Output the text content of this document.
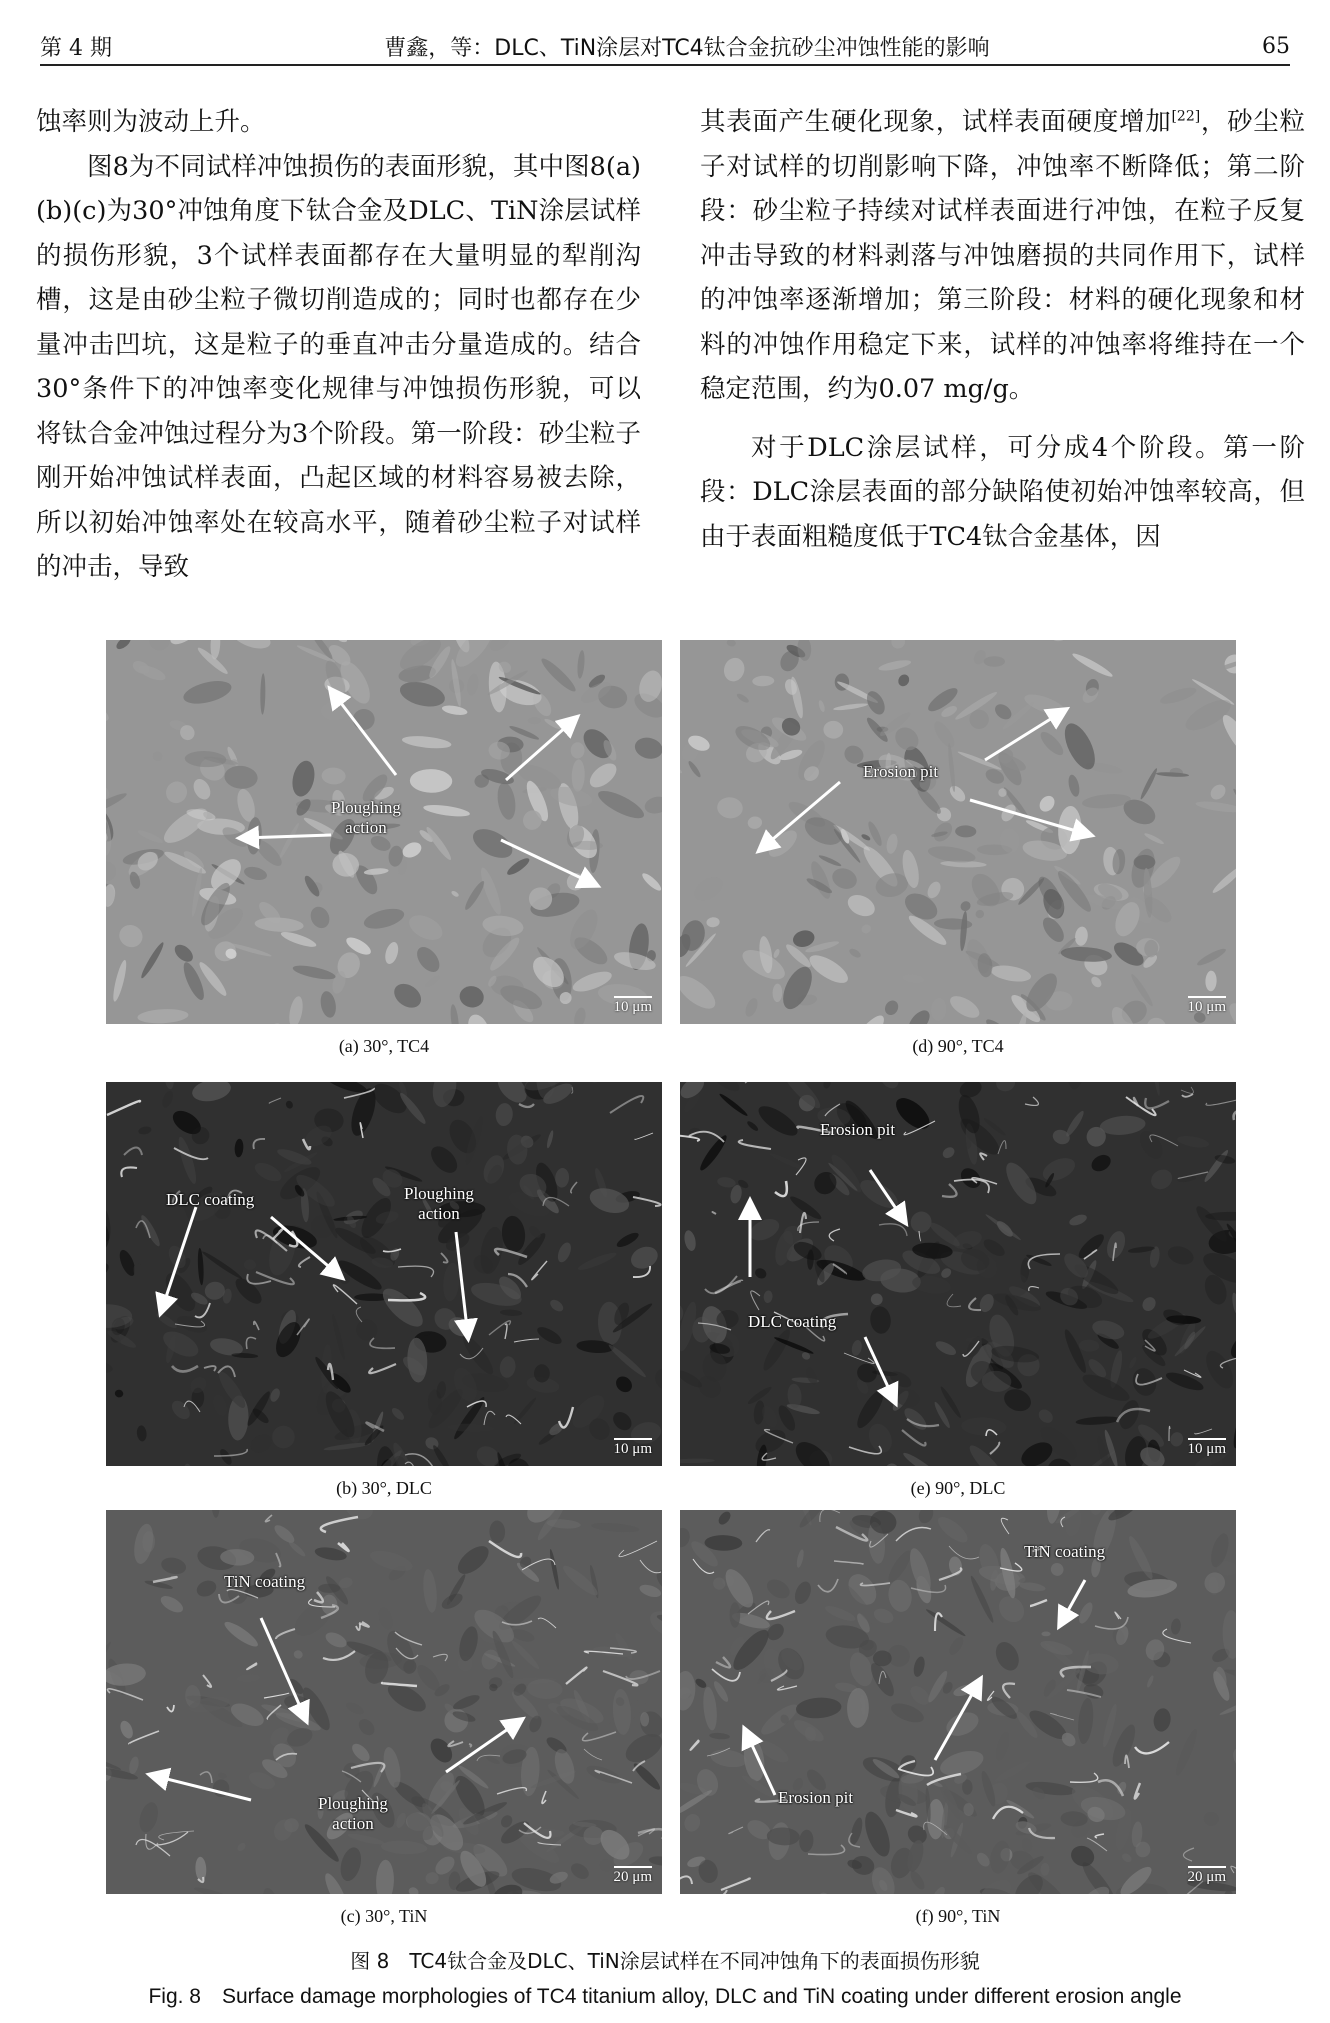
第 4 期	曹鑫，等：DLC、TiN涂层对TC4钛合金抗砂尘冲蚀性能的影响	65

蚀率则为波动上升。

图8为不同试样冲蚀损伤的表面形貌，其中图8(a)(b)(c)为30°冲蚀角度下钛合金及DLC、TiN涂层试样的损伤形貌，3个试样表面都存在大量明显的犁削沟槽，这是由砂尘粒子微切削造成的；同时也都存在少量冲击凹坑，这是粒子的垂直冲击分量造成的。结合30°条件下的冲蚀率变化规律与冲蚀损伤形貌，可以将钛合金冲蚀过程分为3个阶段。第一阶段：砂尘粒子刚开始冲蚀试样表面，凸起区域的材料容易被去除，所以初始冲蚀率处在较高水平，随着砂尘粒子对试样的冲击，导致

其表面产生硬化现象，试样表面硬度增加[22]，砂尘粒子对试样的切削影响下降，冲蚀率不断降低；第二阶段：砂尘粒子持续对试样表面进行冲蚀，在粒子反复冲击导致的材料剥落与冲蚀磨损的共同作用下，试样的冲蚀率逐渐增加；第三阶段：材料的硬化现象和材料的冲蚀作用稳定下来，试样的冲蚀率将维持在一个稳定范围，约为0.07 mg/g。

对于DLC涂层试样，可分成4个阶段。第一阶段：DLC涂层表面的部分缺陷使初始冲蚀率较高，但由于表面粗糙度低于TC4钛合金基体，因

Ploughing
action
10 μm
(a) 30°, TC4
Erosion pit
10 μm
(d) 90°, TC4
DLC coating	Ploughing
action
10 μm
(b) 30°, DLC
Erosion pit
DLC coating
10 μm
(e) 90°, DLC
TiN coating
Ploughing
action
20 μm
(c) 30°, TiN
TiN coating
Erosion pit
20 μm
(f) 90°, TiN
图 8　TC4钛合金及DLC、TiN涂层试样在不同冲蚀角下的表面损伤形貌
Fig. 8　Surface damage morphologies of TC4 titanium alloy, DLC and TiN coating under different erosion angle
